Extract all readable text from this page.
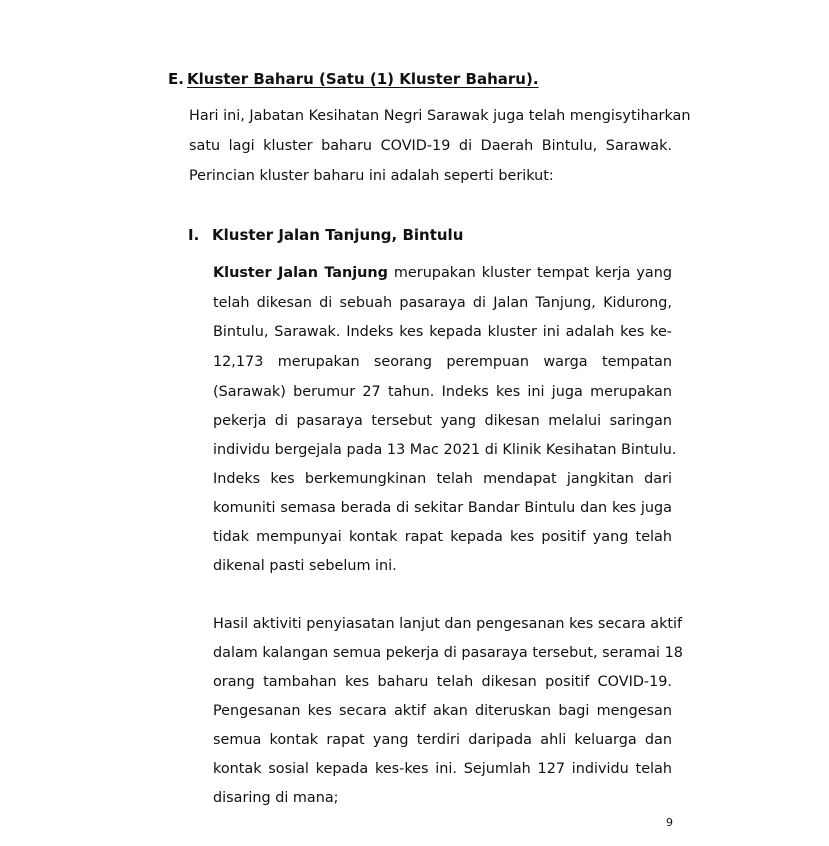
E. Kluster Baharu (Satu (1) Kluster Baharu).
Hari ini, Jabatan Kesihatan Negri Sarawak juga telah mengisytiharkan
satu lagi kluster baharu COVID-19 di Daerah Bintulu, Sarawak.
Perincian kluster baharu ini adalah seperti berikut:
I. Kluster Jalan Tanjung, Bintulu
Kluster Jalan Tanjung merupakan kluster tempat kerja yang
telah dikesan di sebuah pasaraya di Jalan Tanjung, Kidurong,
Bintulu, Sarawak. Indeks kes kepada kluster ini adalah kes ke-
12,173 merupakan seorang perempuan warga tempatan
(Sarawak) berumur 27 tahun. Indeks kes ini juga merupakan
pekerja di pasaraya tersebut yang dikesan melalui saringan
individu bergejala pada 13 Mac 2021 di Klinik Kesihatan Bintulu.
Indeks kes berkemungkinan telah mendapat jangkitan dari
komuniti semasa berada di sekitar Bandar Bintulu dan kes juga
tidak mempunyai kontak rapat kepada kes positif yang telah
dikenal pasti sebelum ini.
Hasil aktiviti penyiasatan lanjut dan pengesanan kes secara aktif
dalam kalangan semua pekerja di pasaraya tersebut, seramai 18
orang tambahan kes baharu telah dikesan positif COVID-19.
Pengesanan kes secara aktif akan diteruskan bagi mengesan
semua kontak rapat yang terdiri daripada ahli keluarga dan
kontak sosial kepada kes-kes ini. Sejumlah 127 individu telah
disaring di mana;
9
